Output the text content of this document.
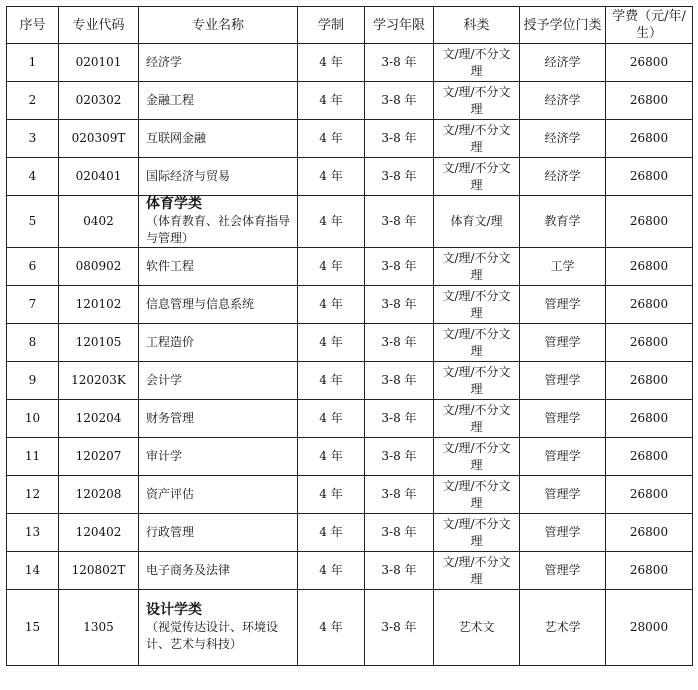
序号	专业代码	专业名称	学制	学习年限	科类	授予学位门类	学费（元/年/生）
1	020101	经济学	4 年	3-8 年	文/理/不分文理	经济学	26800
2	020302	金融工程	4 年	3-8 年	文/理/不分文理	经济学	26800
3	020309T	互联网金融	4 年	3-8 年	文/理/不分文理	经济学	26800
4	020401	国际经济与贸易	4 年	3-8 年	文/理/不分文理	经济学	26800
5	0402	体育学类
（体育教育、社会体育指导与管理）	4 年	3-8 年	体育文/理	教育学	26800
6	080902	软件工程	4 年	3-8 年	文/理/不分文理	工学	26800
7	120102	信息管理与信息系统	4 年	3-8 年	文/理/不分文理	管理学	26800
8	120105	工程造价	4 年	3-8 年	文/理/不分文理	管理学	26800
9	120203K	会计学	4 年	3-8 年	文/理/不分文理	管理学	26800
10	120204	财务管理	4 年	3-8 年	文/理/不分文理	管理学	26800
11	120207	审计学	4 年	3-8 年	文/理/不分文理	管理学	26800
12	120208	资产评估	4 年	3-8 年	文/理/不分文理	管理学	26800
13	120402	行政管理	4 年	3-8 年	文/理/不分文理	管理学	26800
14	120802T	电子商务及法律	4 年	3-8 年	文/理/不分文理	管理学	26800
15	1305	设计学类
（视觉传达设计、环境设计、艺术与科技）	4 年	3-8 年	艺术文	艺术学	28000
